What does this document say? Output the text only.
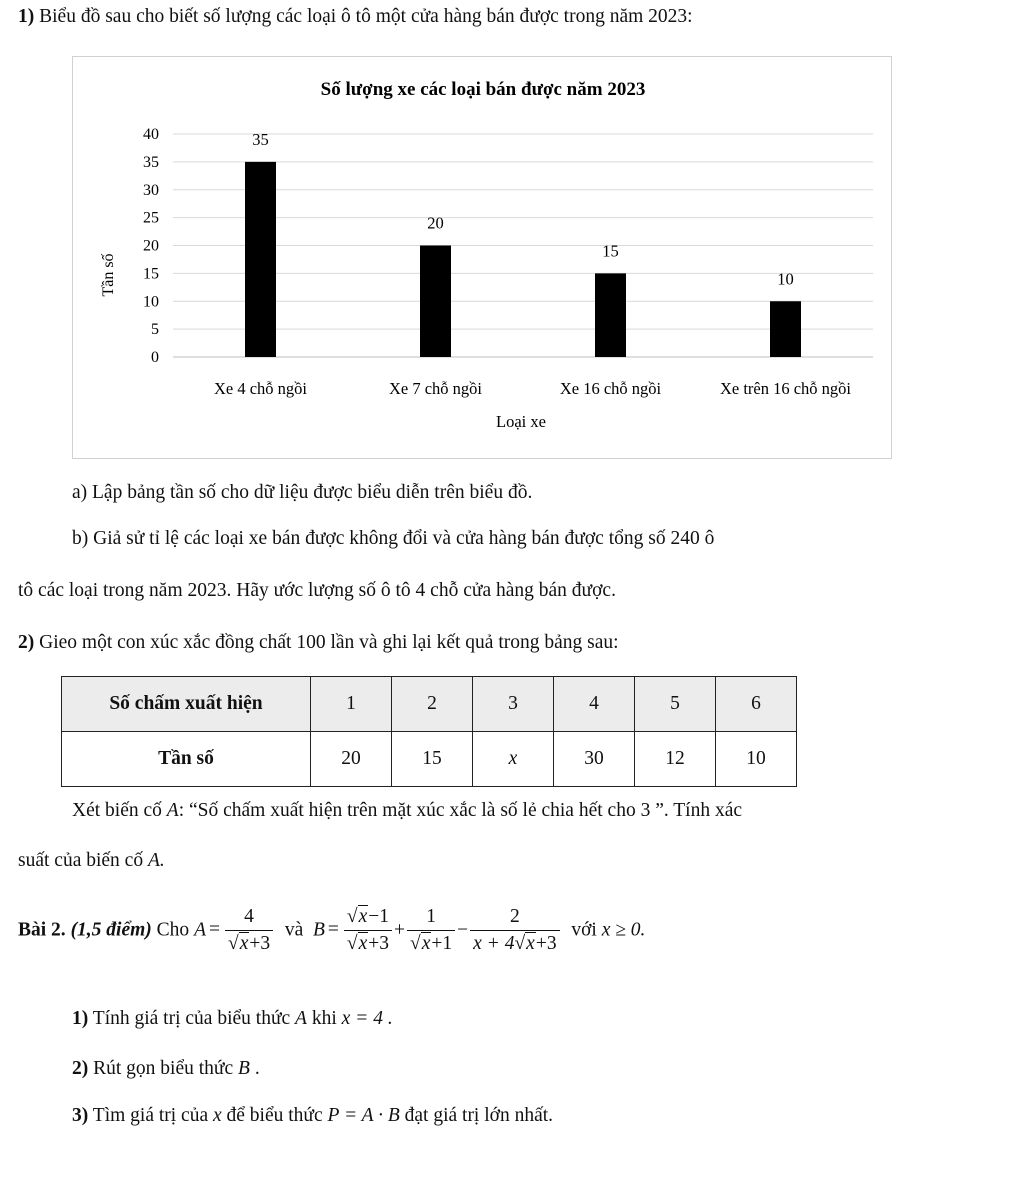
1) Biểu đồ sau cho biết số lượng các loại ô tô một cửa hàng bán được trong năm 2023:
Số lượng xe các loại bán được năm 2023
0
5
10
15
20
25
30
35
40	35
20
15
10
Xe 4 chỗ ngồi	Xe 7 chỗ ngồi	Xe 16 chỗ ngồi	Xe trên 16 chỗ ngồi
Tần số
Loại xe
a) Lập bảng tần số cho dữ liệu được biểu diễn trên biểu đồ.
b) Giả sử tỉ lệ các loại xe bán được không đổi và cửa hàng bán được tổng số 240 ô
tô các loại trong năm 2023. Hãy ước lượng số ô tô 4 chỗ cửa hàng bán được.
2) Gieo một con xúc xắc đồng chất 100 lần và ghi lại kết quả trong bảng sau:
Số chấm xuất hiện	1	2	3	4	5	6
Tần số	20	15	x	30	12	10
Xét biến cố A: “Số chấm xuất hiện trên mặt xúc xắc là số lẻ chia hết cho 3 ”. Tính xác
suất của biến cố A.
Bài 2. (1,5 điểm) Cho $A = \frac{4}{√x+3}$ và $B = \frac{√x-1}{√x+3} + \frac{1}{√x+1} - \frac{2}{x + 4√x+3}$ với x ≥ 0.
1) Tính giá trị của biểu thức A khi x = 4 .
2) Rút gọn biểu thức B .
3) Tìm giá trị của x để biểu thức P = A · B đạt giá trị lớn nhất.
